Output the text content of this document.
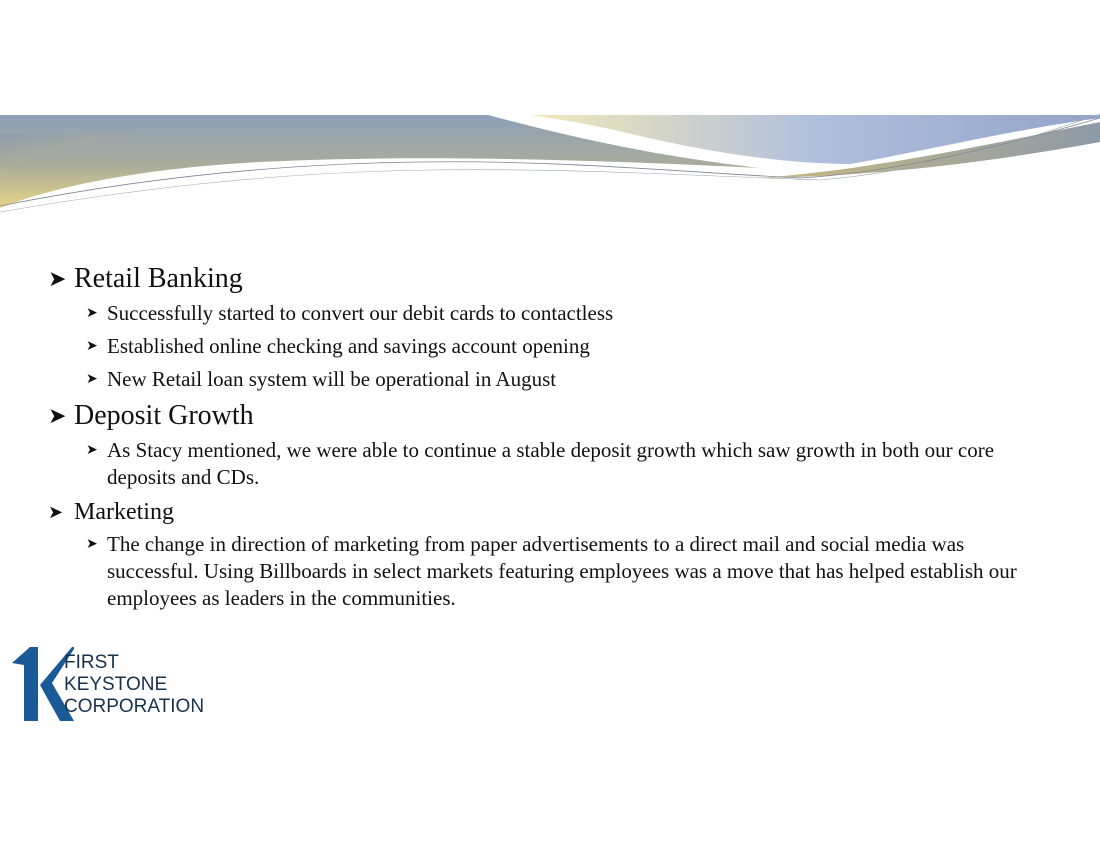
➤ Retail Banking
➤ Successfully started to convert our debit cards to contactless
➤ Established online checking and savings account opening
➤ New Retail loan system will be operational in August
➤ Deposit Growth
➤ As Stacy mentioned, we were able to continue a stable deposit growth which saw growth in both our core deposits and CDs.
➤ Marketing
➤ The change in direction of marketing from paper advertisements to a direct mail and social media was successful. Using Billboards in select markets featuring employees was a move that has helped establish our employees as leaders in the communities.
FIRST
KEYSTONE
CORPORATION
